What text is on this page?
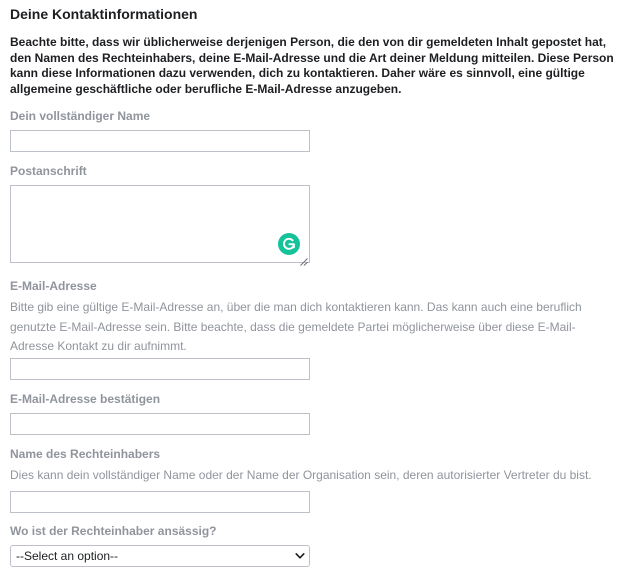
Deine Kontaktinformationen
Beachte bitte, dass wir üblicherweise derjenigen Person, die den von dir gemeldeten Inhalt gepostet hat, den Namen des Rechteinhabers, deine E-Mail-Adresse und die Art deiner Meldung mitteilen. Diese Person kann diese Informationen dazu verwenden, dich zu kontaktieren. Daher wäre es sinnvoll, eine gültige allgemeine geschäftliche oder berufliche E-Mail-Adresse anzugeben.
Dein vollständiger Name
Postanschrift
E-Mail-Adresse
Bitte gib eine gültige E-Mail-Adresse an, über die man dich kontaktieren kann. Das kann auch eine beruflich genutzte E-Mail-Adresse sein. Bitte beachte, dass die gemeldete Partei möglicherweise über diese E-Mail-Adresse Kontakt zu dir aufnimmt.
E-Mail-Adresse bestätigen
Name des Rechteinhabers
Dies kann dein vollständiger Name oder der Name der Organisation sein, deren autorisierter Vertreter du bist.
Wo ist der Rechteinhaber ansässig?
--Select an option--
